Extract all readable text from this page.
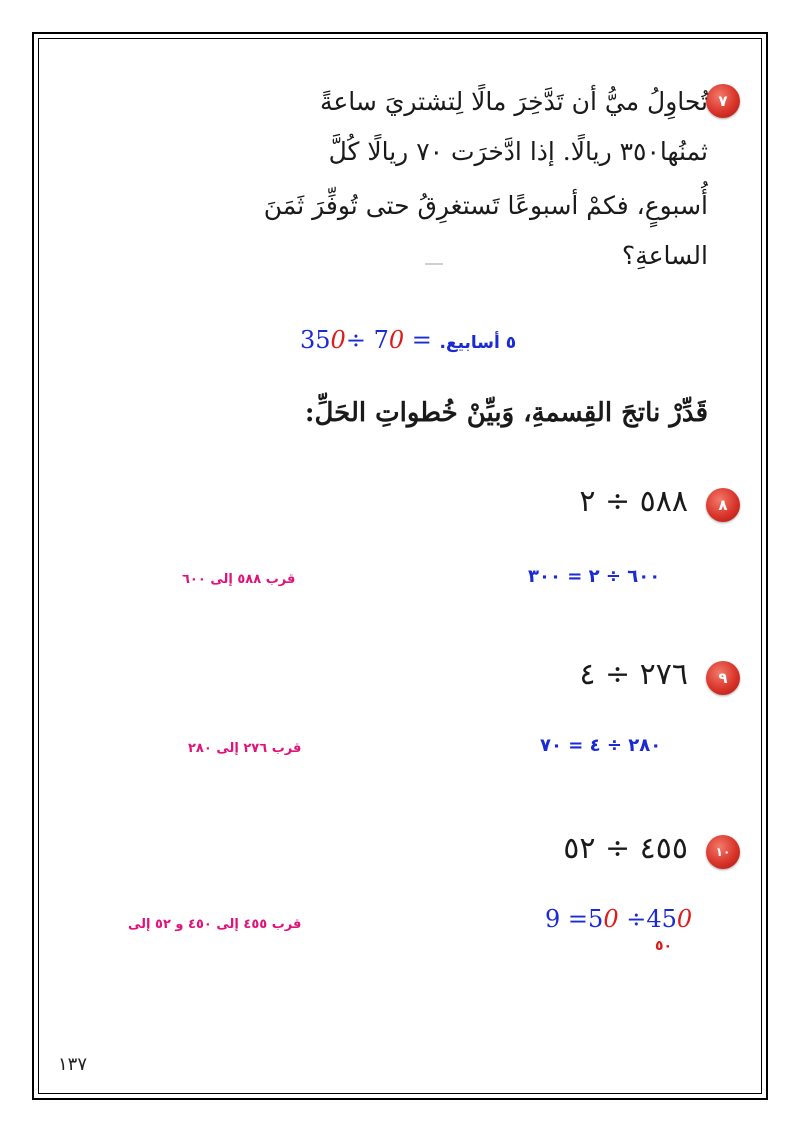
٧
تُحاوِلُ ميُّ أن تَدَّخِرَ مالًا لِتشتريَ ساعةً
ثمنُها٣٥٠ ريالًا. إذا ادَّخرَت ٧٠ ريالًا كُلَّ
أُسبوعٍ، فكمْ أسبوعًا تَستغرِقُ حتى تُوفِّرَ ثَمَنَ
الساعةِ؟
٥ أسابيع. = 70 ÷350
قَدِّرْ ناتجَ القِسمةِ، وَبيِّنْ خُطواتِ الحَلِّ:
٨
٥٨٨ ÷ ٢
٦٠٠ ÷ ٢ = ٣٠٠
قرب ٥٨٨ إلى ٦٠٠
٩
٢٧٦ ÷ ٤
٢٨٠ ÷ ٤ = ٧٠
قرب ٢٧٦ إلى ٢٨٠
١٠
٤٥٥ ÷ ٥٢
9 =50 ÷450
٥٠
قرب ٤٥٥ إلى ٤٥٠ و ٥٢ إلى
١٣٧
